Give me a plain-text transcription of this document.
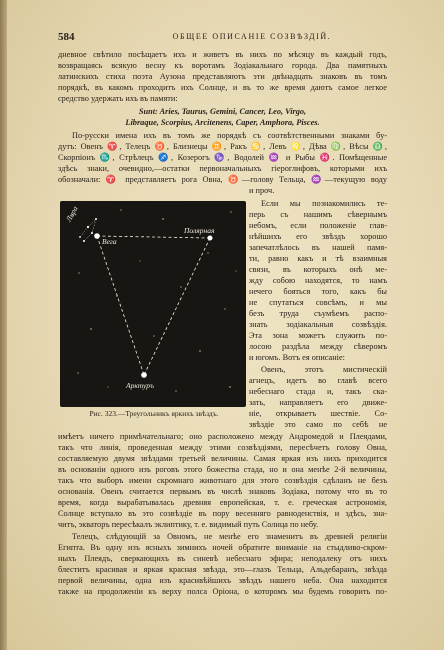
584	ОБЩЕЕ ОПИСАНІЕ СОЗВѢЗДІЙ.
дневное свѣтило посѣщаетъ ихъ и живетъ въ нихъ по мѣсяцу въ каждый годъ,
возвращаясь всякую весну къ воротамъ Зодіакальнаго города. Два памятныхъ
латинскихъ стиха поэта Аузона представляютъ эти двѣнадцать знаковъ въ томъ
порядкѣ, въ какомъ проходитъ ихъ Солнце, и въ то же время даютъ самое легкое
средство удержать ихъ въ памяти:
Sunt: Aries, Taurus, Gemini, Cancer, Leo, Virgo,
Libraque, Scorpius, Arcitenens, Caper, Amphora, Pisces.
По-русски имена ихъ въ томъ же порядкѣ съ соотвѣтственными знаками бу-
дутъ: Овенъ ♈, Телецъ ♉, Близнецы ♊, Ракъ ♋, Левъ ♌, Дѣва ♍, Вѣсы ♎,
Скорпіонъ ♏, Стрѣлецъ ♐, Козерогъ ♑, Водолей ♒ и Рыбы ♓. Помѣщенные
здѣсь знаки, очевидно,—остатки первоначальныхъ гіероглифовъ, которыми ихъ
обозначали: ♈ представляетъ рога Овна, ♉—голову Тельца, ♒—текущую воду
и проч.
Если мы познакомились те-
перь съ нашимъ сѣвернымъ
небомъ, если положеніе глав-
нѣйшихъ его звѣздъ хорошо
запечатлѣлось въ нашей памя-
ти, равно какъ и тѣ взаимныя
связи, въ которыхъ онѣ ме-
жду собою находятся, то намъ
нечего бояться того, какъ бы
не спутаться совсѣмъ, и мы
безъ труда съумѣемъ распо-
знать зодіакальныя созвѣздія.
Эта зона можетъ служить по-
лосою раздѣла между сѣверомъ
и югомъ. Вотъ ея описаніе:
Овенъ, этотъ мистическій
агнецъ, идетъ во главѣ всего
небеснаго стада и, такъ ска-
зать, направляетъ его движе-
ніе, открываетъ шествіе. Со-
звѣздіе это само по себѣ не
Лира
Вега
Полярная
Арктуръ
Рис. 323.—Треугольникъ яркихъ звѣздъ.
имѣетъ ничего примѣчательнаго; оно расположено между Андромедой и Плеядами,
такъ что линія, проведенная между этими созвѣздіями, пересѣчетъ голову Овна,
составляемую двумя звѣздами третьей величины. Самая яркая изъ нихъ приходится
въ основаніи одного изъ роговъ этого божества стада, но и она менѣе 2-й величины,
такъ что выборъ имени скромнаго животнаго для этого созвѣздія сдѣланъ не безъ
основанія. Овенъ считается первымъ въ числѣ знаковъ Зодіака, потому что въ то
время, когда вырабатывалась древняя европейская, т. е. греческая астрономія,
Солнце вступало въ это созвѣздіе въ пору весенняго равноденствія, и здѣсь, зна-
читъ, экваторъ пересѣкалъ эклиптику, т. е. видимый путь Солнца по небу.
Телецъ, слѣдующій за Овномъ, не менѣе его знаменитъ въ древней религіи
Египта. Въ одну изъ ясныхъ зимнихъ ночей обратите вниманіе на стыдливо-скром-
ныхъ Плеядъ, сверкающихъ въ синевѣ небеснаго эфира; неподалеку отъ нихъ
блеститъ красивая и яркая красная звѣзда, это—глазъ Тельца, Альдебаранъ, звѣзда
первой величины, одна изъ красивѣйшихъ звѣздъ нашего неба. Она находится
также на продолженіи къ верху полса Оріона, о которомъ мы будемъ говорить по-
